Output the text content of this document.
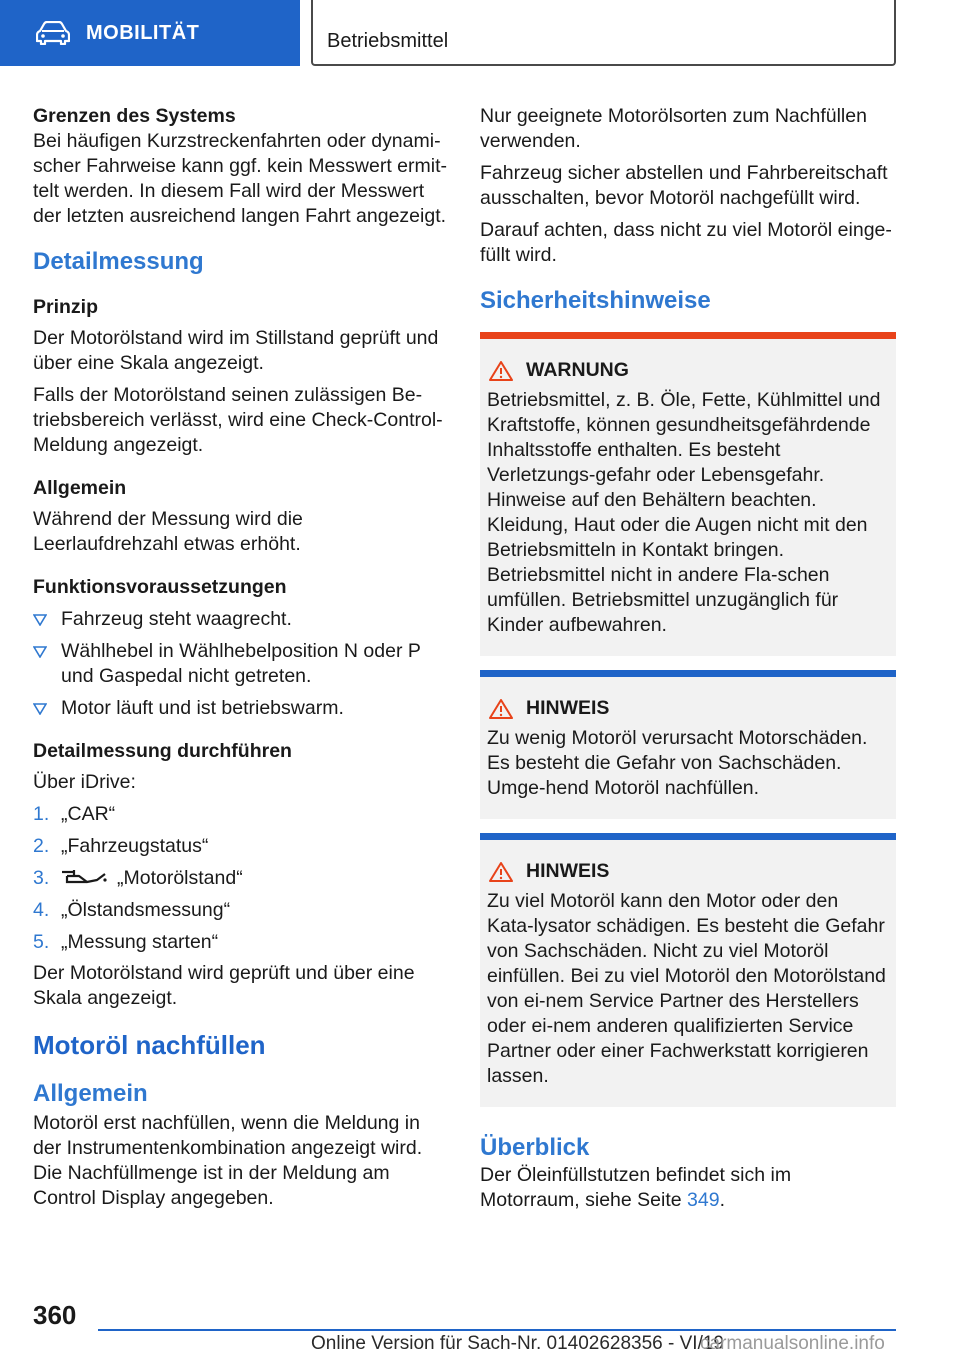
MOBILITÄT	Betriebsmittel
Grenzen des Systems

Bei häufigen Kurzstreckenfahrten oder dynami-scher Fahrweise kann ggf. kein Messwert ermit-telt werden. In diesem Fall wird der Messwert der letzten ausreichend langen Fahrt angezeigt.

Detailmessung
Prinzip

Der Motorölstand wird im Stillstand geprüft und über eine Skala angezeigt.

Falls der Motorölstand seinen zulässigen Be-triebsbereich verlässt, wird eine Check-Control-Meldung angezeigt.

Allgemein

Während der Messung wird die Leerlaufdrehzahl etwas erhöht.

Funktionsvoraussetzungen
Fahrzeug steht waagrecht.
Wählhebel in Wählhebelposition N oder P und Gaspedal nicht getreten.
Motor läuft und ist betriebswarm.
Detailmessung durchführen

Über iDrive:

1. „CAR“
2. „Fahrzeugstatus“
3.	„Motorölstand“
4. „Ölstandsmessung“
5. „Messung starten“

Der Motorölstand wird geprüft und über eine Skala angezeigt.

Motoröl nachfüllen
Allgemein

Motoröl erst nachfüllen, wenn die Meldung in der Instrumentenkombination angezeigt wird. Die Nachfüllmenge ist in der Meldung am Control Display angegeben.

Nur geeignete Motorölsorten zum Nachfüllen verwenden.

Fahrzeug sicher abstellen und Fahrbereitschaft ausschalten, bevor Motoröl nachgefüllt wird.

Darauf achten, dass nicht zu viel Motoröl einge-füllt wird.

Sicherheitshinweise
WARNUNG

Betriebsmittel, z. B. Öle, Fette, Kühlmittel und Kraftstoffe, können gesundheitsgefährdende Inhaltsstoffe enthalten. Es besteht Verletzungs-gefahr oder Lebensgefahr. Hinweise auf den Behältern beachten. Kleidung, Haut oder die Augen nicht mit den Betriebsmitteln in Kontakt bringen. Betriebsmittel nicht in andere Fla-schen umfüllen. Betriebsmittel unzugänglich für Kinder aufbewahren.

HINWEIS

Zu wenig Motoröl verursacht Motorschäden. Es besteht die Gefahr von Sachschäden. Umge-hend Motoröl nachfüllen.

HINWEIS

Zu viel Motoröl kann den Motor oder den Kata-lysator schädigen. Es besteht die Gefahr von Sachschäden. Nicht zu viel Motoröl einfüllen. Bei zu viel Motoröl den Motorölstand von ei-nem Service Partner des Herstellers oder ei-nem anderen qualifizierten Service Partner oder einer Fachwerkstatt korrigieren lassen.

Überblick

Der Öleinfüllstutzen befindet sich im Motorraum, siehe Seite 349.

360
Online Version für Sach-Nr. 01402628356 - VI/19
carmanualsonline.info
